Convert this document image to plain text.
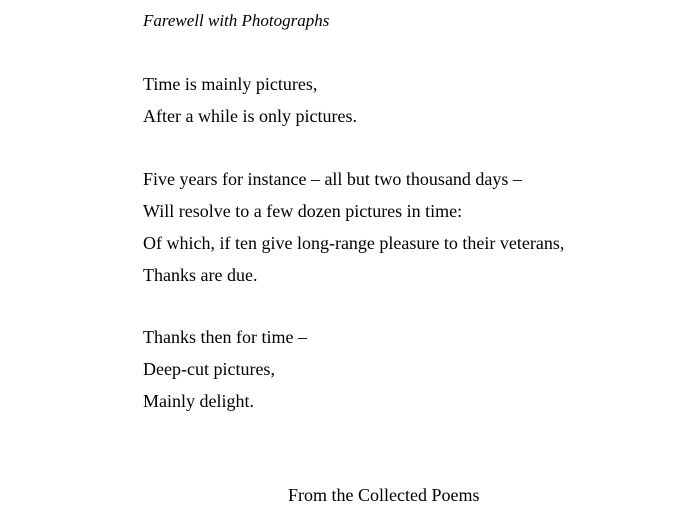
Farewell with Photographs
Time is mainly pictures,
After a while is only pictures.
Five years for instance – all but two thousand days –
Will resolve to a few dozen pictures in time:
Of which, if ten give long-range pleasure to their veterans,
Thanks are due.
Thanks then for time –
Deep-cut pictures,
Mainly delight.
From the Collected Poems
